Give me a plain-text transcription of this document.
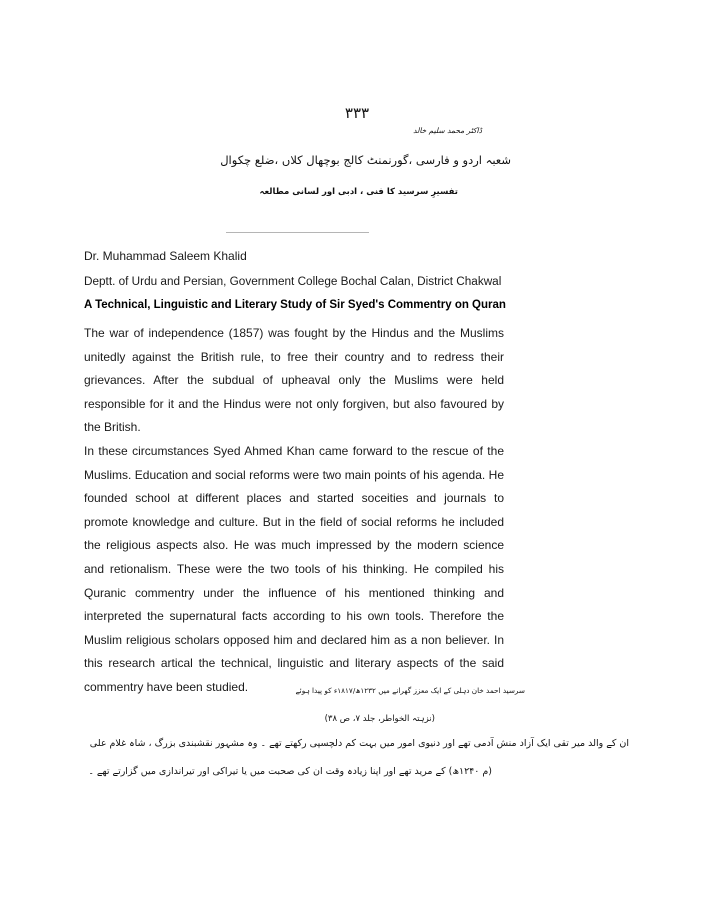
۳۳۳
ڈاکٹر محمد سلیم خالد
شعبہ اردو و فارسی ،گورنمنٹ کالج بوچھال کلاں ،ضلع چکوال
تفسیرِ سرسید کا فنی ، ادبی اور لسانی مطالعہ
Dr. Muhammad Saleem Khalid
Deptt. of Urdu and Persian, Government College Bochal Calan, District Chakwal
A Technical, Linguistic and Literary Study of Sir Syed's Commentry on Quran

The war of independence (1857) was fought by the Hindus and the Muslims unitedly against the British rule, to free their country and to redress their grievances. After the subdual of upheaval only the Muslims were held responsible for it and the Hindus were not only forgiven, but also favoured by the British.

In these circumstances Syed Ahmed Khan came forward to the rescue of the Muslims. Education and social reforms were two main points of his agenda. He founded school at different places and started soceities and journals to promote knowledge and culture. But in the field of social reforms he included the religious aspects also. He was much impressed by the modern science and retionalism. These were the two tools of his thinking. He compiled his Quranic commentry under the influence of his mentioned thinking and interpreted the supernatural facts according to his own tools. Therefore the Muslim religious scholars opposed him and declared him as a non believer. In this research artical the technical, linguistic and literary aspects of the said commentry have been studied.	سرسید احمد خان دہلی کے ایک معزز گھرانے میں ۱۲۳۲ھ/۱۸۱۷ء کو پیدا ہوئے
(نزہتہ الخواطر، جلد ۷، ص ۳۸)
ان کے والد میر تقی ایک آزاد منش آدمی تھے اور دنیوی امور میں بہت کم دلچسپی رکھتے تھے ۔ وہ مشہور نقشبندی بزرگ ، شاہ غلام علی
(م ۱۲۴۰ھ) کے مرید تھے اور اپنا زیادہ وقت ان کی صحبت میں یا تیراکی اور تیراندازی میں گزارتے تھے ۔
